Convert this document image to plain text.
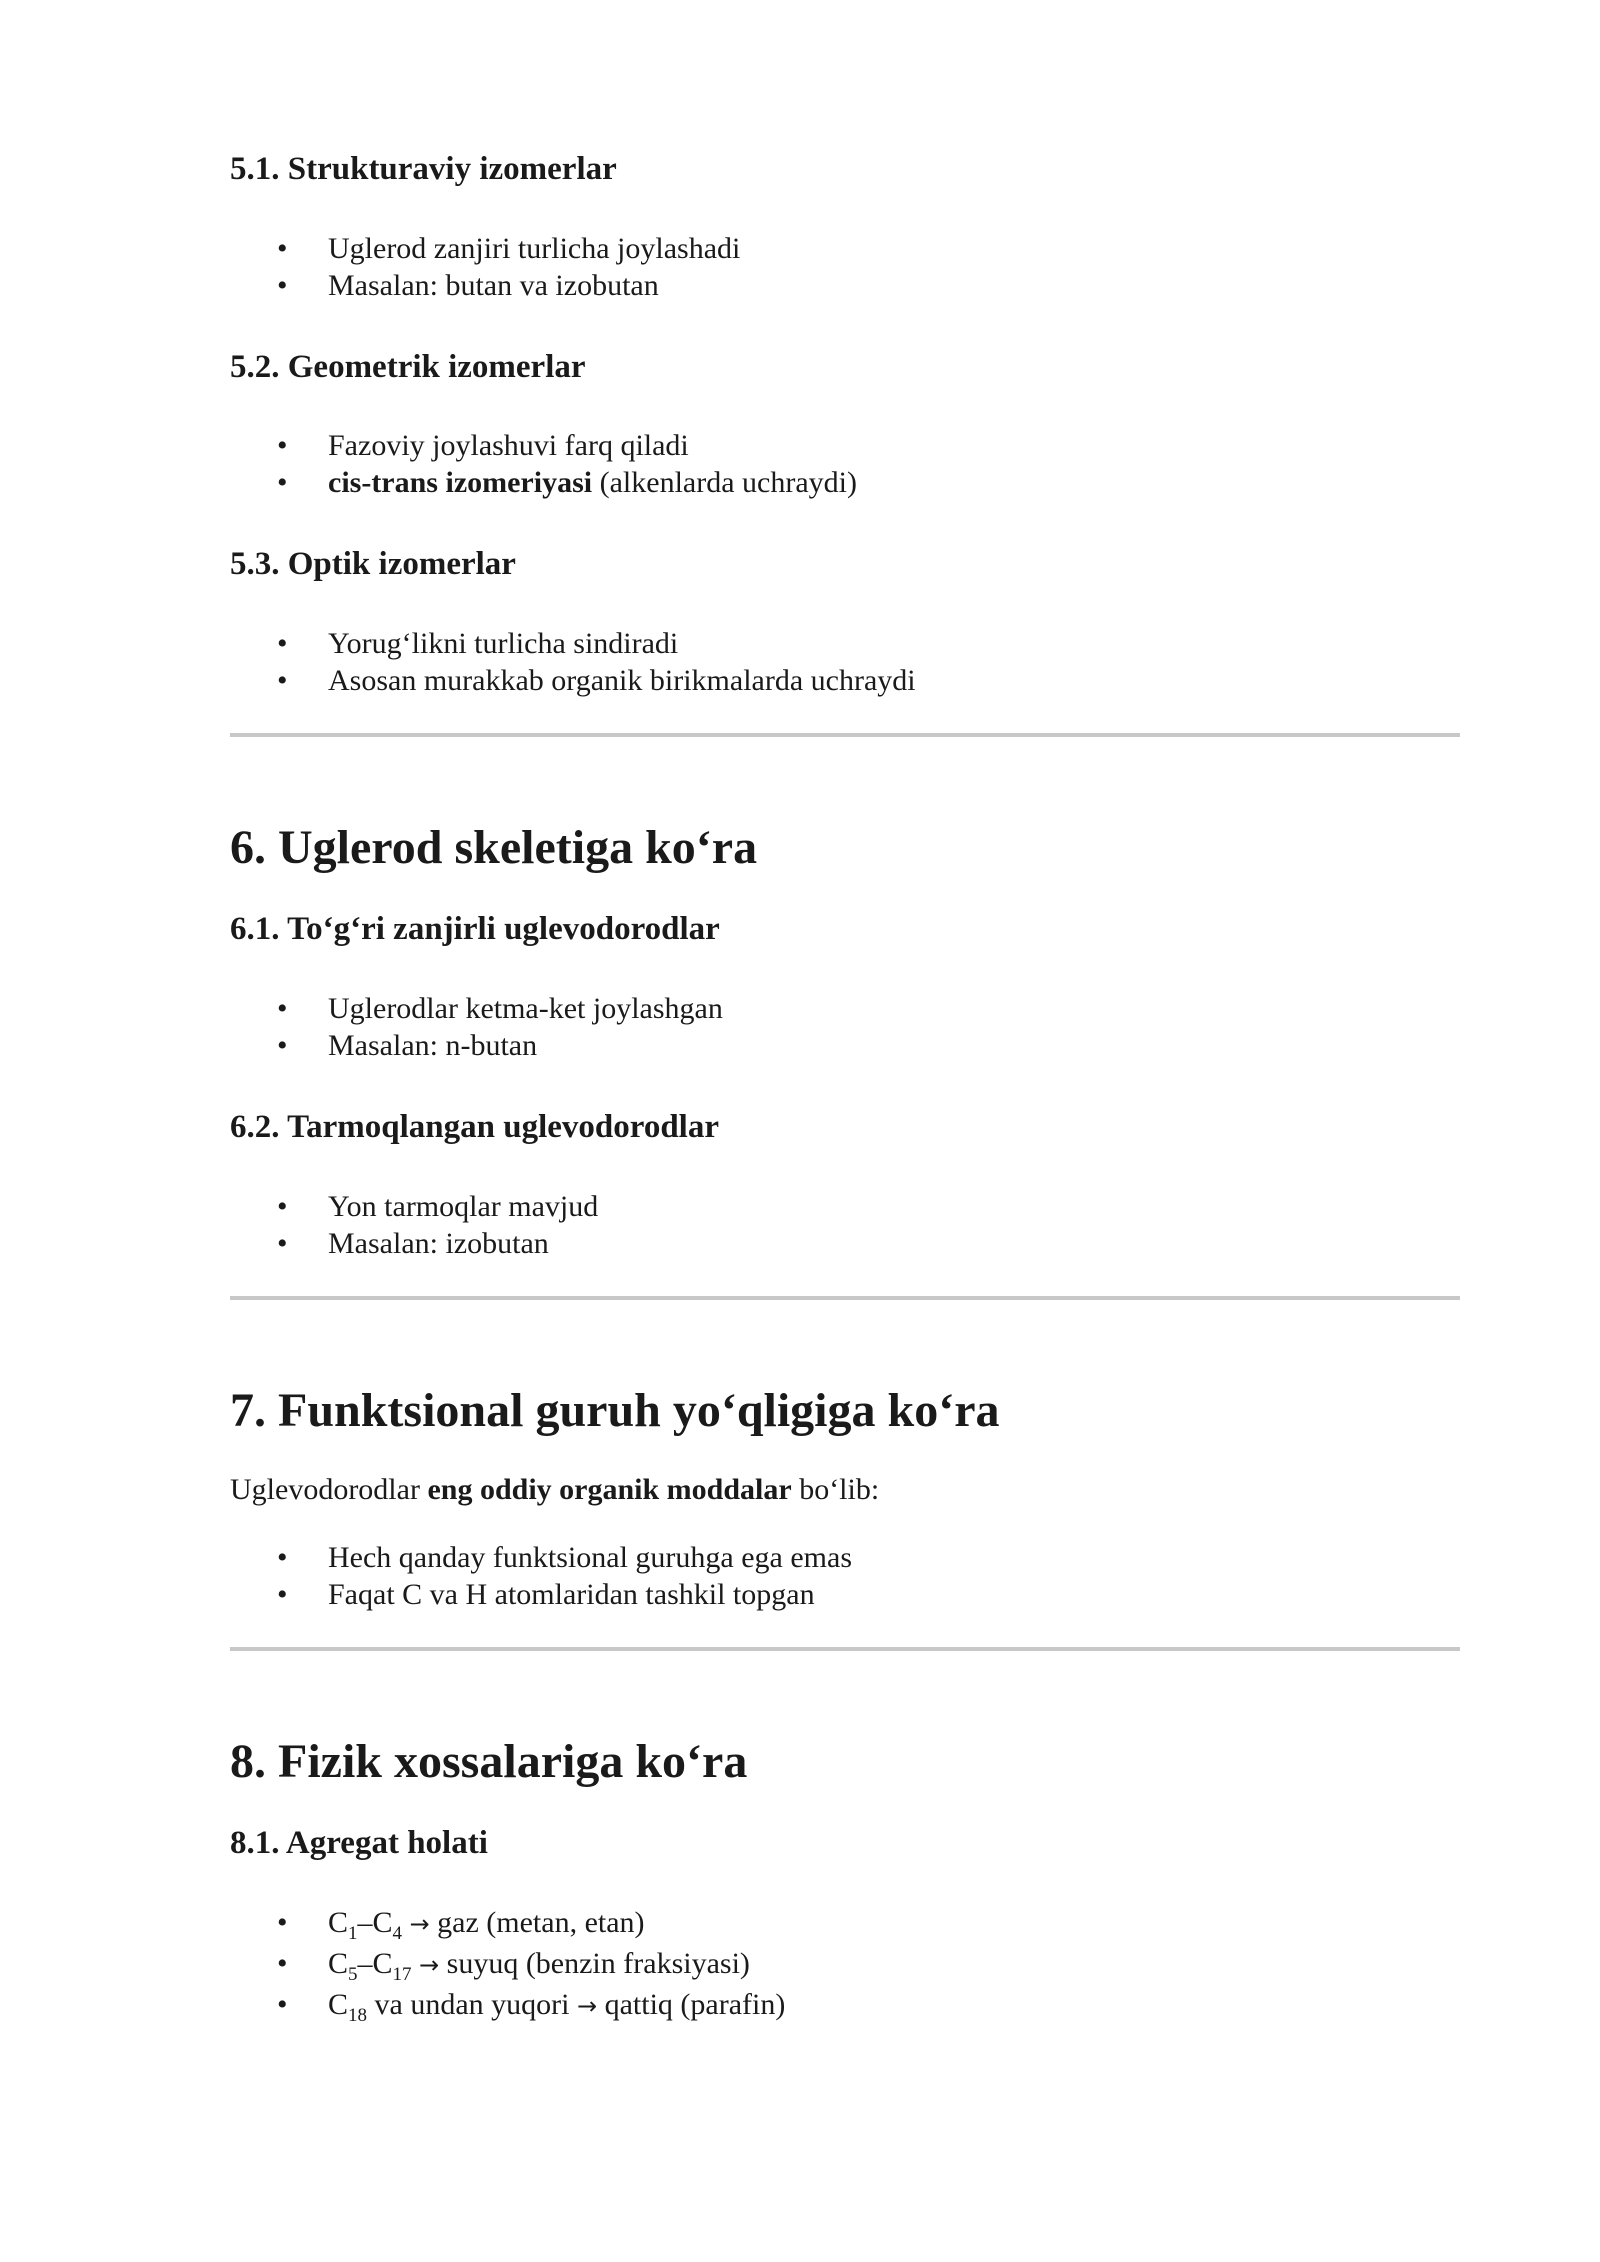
5.1. Strukturaviy izomerlar
• Uglerod zanjiri turlicha joylashadi
• Masalan: butan va izobutan
5.2. Geometrik izomerlar
• Fazoviy joylashuvi farq qiladi
• cis-trans izomeriyasi (alkenlarda uchraydi)
5.3. Optik izomerlar
• Yorug‘likni turlicha sindiradi
• Asosan murakkab organik birikmalarda uchraydi
6. Uglerod skeletiga ko‘ra
6.1. To‘g‘ri zanjirli uglevodorodlar
• Uglerodlar ketma-ket joylashgan
• Masalan: n-butan
6.2. Tarmoqlangan uglevodorodlar
• Yon tarmoqlar mavjud
• Masalan: izobutan
7. Funktsional guruh yo‘qligiga ko‘ra

Uglevodorodlar eng oddiy organik moddalar bo‘lib:

• Hech qanday funktsional guruhga ega emas
• Faqat C va H atomlaridan tashkil topgan
8. Fizik xossalariga ko‘ra
8.1. Agregat holati
• $C_1-C_4$ → gaz (metan, etan)
• $C_5-C_{17}$ → suyuq (benzin fraksiyasi)
• $C_{18}$ va undan yuqori → qattiq (parafin)
